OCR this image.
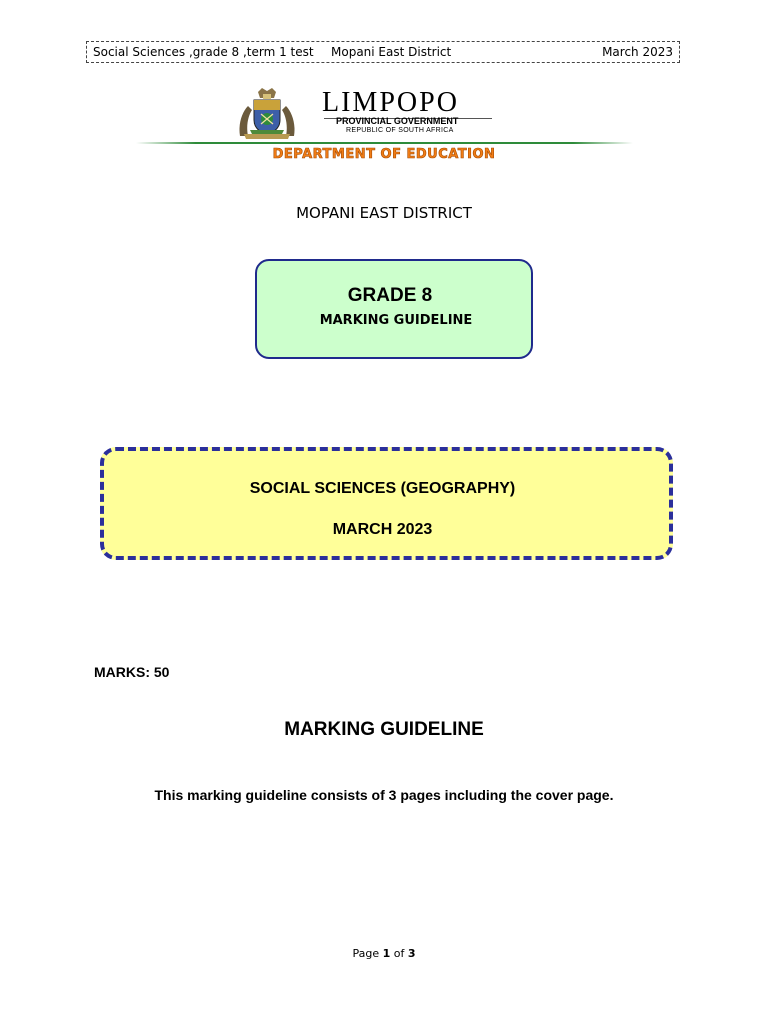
Social Sciences ,grade 8 ,term 1 test Mopani East District	March 2023
LIMPOPO
PROVINCIAL GOVERNMENT
REPUBLIC OF SOUTH AFRICA
DEPARTMENT OF EDUCATION
MOPANI EAST DISTRICT
GRADE 8
MARKING GUIDELINE
SOCIAL SCIENCES (GEOGRAPHY)
MARCH 2023
MARKS: 50
MARKING GUIDELINE
This marking guideline consists of 3 pages including the cover page.
Page 1 of 3
